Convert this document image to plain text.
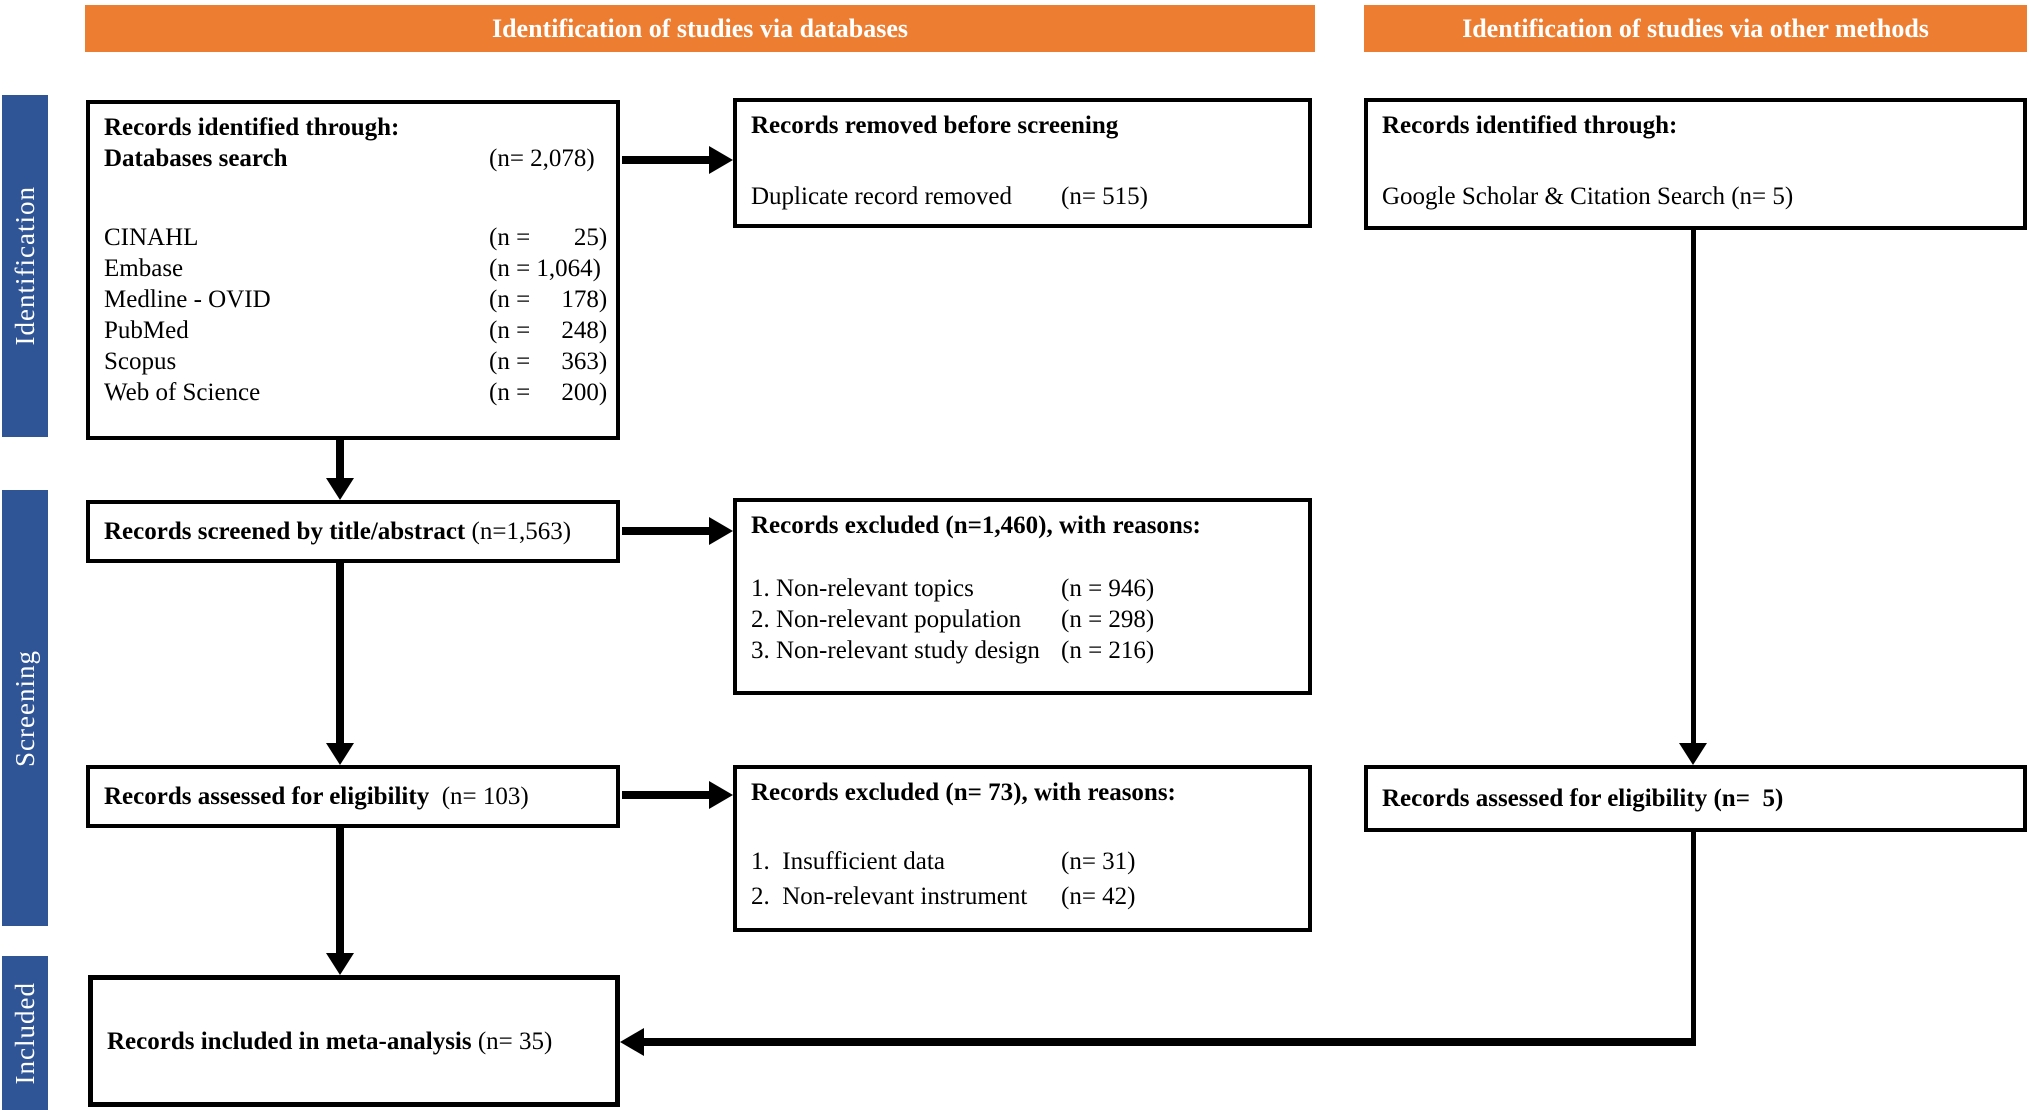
Identification of studies via databases	Identification of studies via other methods
Identification
Screening
Included
Records identified through:
Databases search	(n= 2,078)
CINAHL	(n =       25)
Embase	(n = 1,064)
Medline - OVID	(n =     178)
PubMed	(n =     248)
Scopus	(n =     363)
Web of Science	(n =     200)
Records removed before screening
Duplicate record removed (n= 515)
Records identified through:
Google Scholar & Citation Search (n= 5)
Records screened by title/abstract (n=1,563)	Records excluded (n=1,460), with reasons:
1. Non-relevant topics	(n = 946)
2. Non-relevant population (n = 298)
3. Non-relevant study design (n = 216)
Records assessed for eligibility (n= 103)	Records excluded (n= 73), with reasons:
1.  Insufficient data	(n= 31)
2.  Non-relevant instrument (n= 42)
Records assessed for eligibility (n=  5)
Records included in meta-analysis (n= 35)
